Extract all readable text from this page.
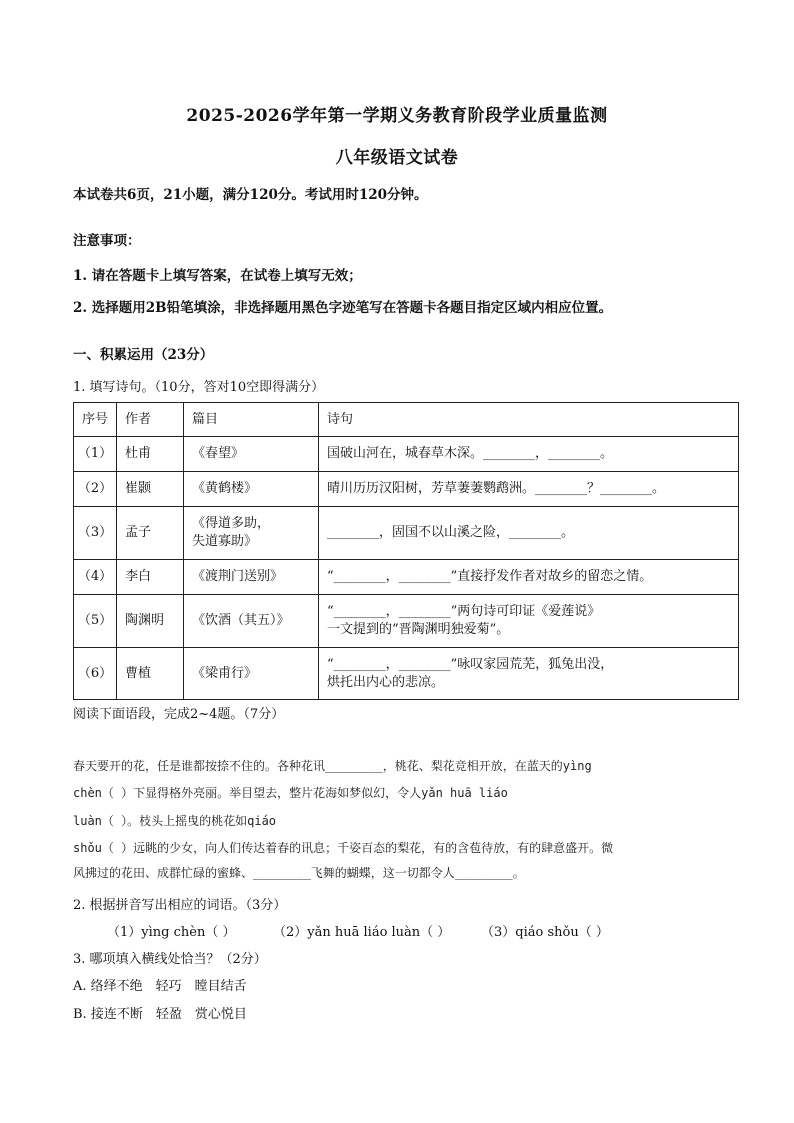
2025-2026学年第一学期义务教育阶段学业质量监测
八年级语文试卷
本试卷共6页，21小题，满分120分。考试用时120分钟。
注意事项：
1. 请在答题卡上填写答案，在试卷上填写无效；
2. 选择题用2B铅笔填涂，非选择题用黑色字迹笔写在答题卡各题目指定区域内相应位置。
一、积累运用（23分）
1. 填写诗句。（10分，答对10空即得满分）
序号	作者	篇目	诗句
（1）	杜甫	《春望》	国破山河在，城春草木深。________，________。
（2）	崔颢	《黄鹤楼》	晴川历历汉阳树，芳草萋萋鹦鹉洲。________？________。
（3）	孟子	《得道多助，
失道寡助》	________，固国不以山溪之险，________。
（4）	李白	《渡荆门送别》	“________，________”直接抒发作者对故乡的留恋之情。
（5）	陶渊明	《饮酒（其五）》	“________，________”两句诗可印证《爱莲说》
一文提到的“晋陶渊明独爱菊”。

（6）	曹植	《梁甫行》	“________，________”咏叹家园荒芜，狐兔出没，
烘托出内心的悲凉。
阅读下面语段，完成2~4题。（7分）
春天要开的花，任是谁都按捺不住的。各种花讯________，桃花、梨花竞相开放，在蓝天的yìng
chèn（ ）下显得格外亮丽。举目望去，整片花海如梦似幻，令人yǎn huā liáo
luàn（ ）。枝头上摇曳的桃花如qiáo
shǒu（ ）远眺的少女，向人们传达着春的讯息；千姿百态的梨花，有的含苞待放，有的肆意盛开。微
风拂过的花田、成群忙碌的蜜蜂、________飞舞的蝴蝶，这一切都令人________。
2. 根据拼音写出相应的词语。（3分）
（1）yìng chèn（ ）	（2）yǎn huā liáo luàn（ ） （3）qiáo shǒu（ ）
3. 哪项填入横线处恰当？（2分）
A. 络绎不绝　轻巧　瞠目结舌
B. 接连不断　轻盈　赏心悦目
